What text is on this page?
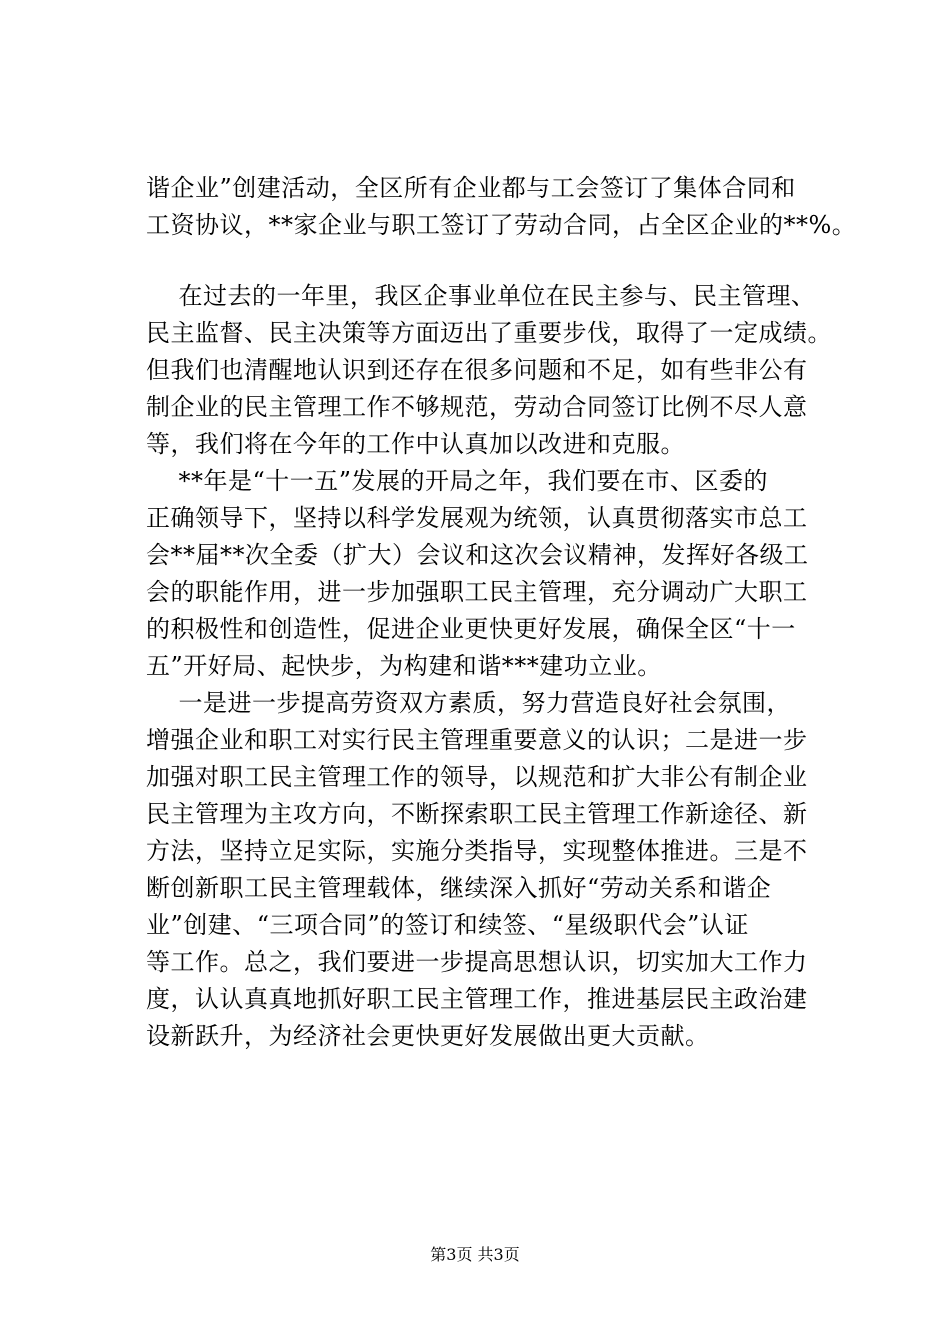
谐企业”创建活动，全区所有企业都与工会签订了集体合同和
工资协议，**家企业与职工签订了劳动合同，占全区企业的**%。
在过去的一年里，我区企事业单位在民主参与、民主管理、
民主监督、民主决策等方面迈出了重要步伐，取得了一定成绩。
但我们也清醒地认识到还存在很多问题和不足，如有些非公有
制企业的民主管理工作不够规范，劳动合同签订比例不尽人意
等，我们将在今年的工作中认真加以改进和克服。
**年是“十一五”发展的开局之年，我们要在市、区委的
正确领导下，坚持以科学发展观为统领，认真贯彻落实市总工
会**届**次全委（扩大）会议和这次会议精神，发挥好各级工
会的职能作用，进一步加强职工民主管理，充分调动广大职工
的积极性和创造性，促进企业更快更好发展，确保全区“十一
五”开好局、起快步，为构建和谐***建功立业。
一是进一步提高劳资双方素质，努力营造良好社会氛围，
增强企业和职工对实行民主管理重要意义的认识；二是进一步
加强对职工民主管理工作的领导，以规范和扩大非公有制企业
民主管理为主攻方向，不断探索职工民主管理工作新途径、新
方法，坚持立足实际，实施分类指导，实现整体推进。三是不
断创新职工民主管理载体，继续深入抓好“劳动关系和谐企
业”创建、“三项合同”的签订和续签、“星级职代会”认证
等工作。总之，我们要进一步提高思想认识，切实加大工作力
度，认认真真地抓好职工民主管理工作，推进基层民主政治建
设新跃升，为经济社会更快更好发展做出更大贡献。
第3页 共3页
